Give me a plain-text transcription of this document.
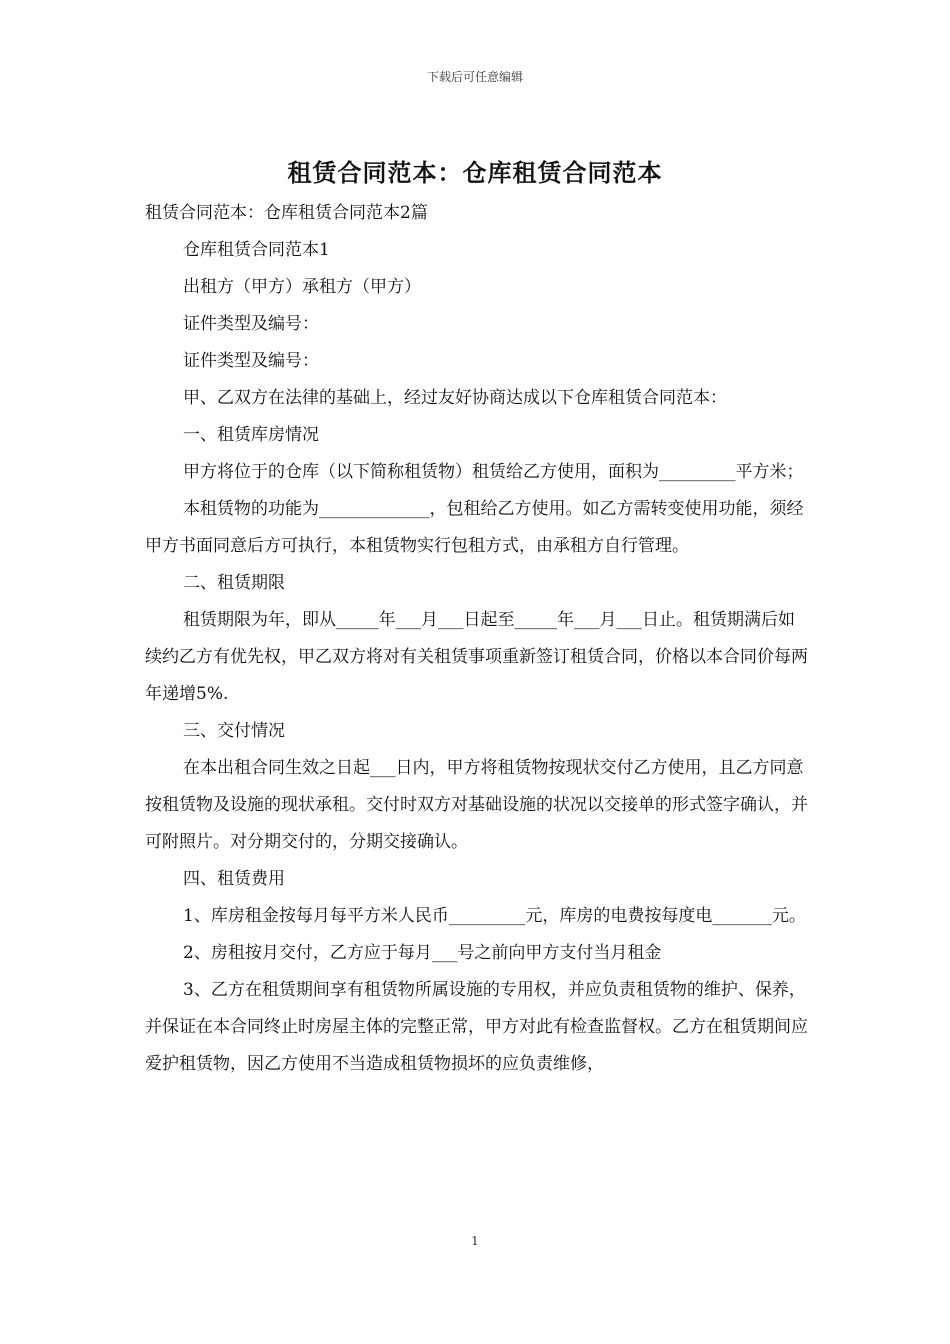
下载后可任意编辑
租赁合同范本：仓库租赁合同范本

租赁合同范本：仓库租赁合同范本2篇

仓库租赁合同范本1

出租方（甲方）承租方（甲方）

证件类型及编号：

证件类型及编号：

甲、乙双方在法律的基础上，经过友好协商达成以下仓库租赁合同范本：

一、租赁库房情况

甲方将位于的仓库（以下简称租赁物）租赁给乙方使用，面积为_________平方米；

本租赁物的功能为_____________，包租给乙方使用。如乙方需转变使用功能，须经甲方书面同意后方可执行，本租赁物实行包租方式，由承租方自行管理。

二、租赁期限

租赁期限为年，即从_____年___月___日起至_____年___月___日止。租赁期满后如续约乙方有优先权，甲乙双方将对有关租赁事项重新签订租赁合同，价格以本合同价每两年递增5%.

三、交付情况

在本出租合同生效之日起___日内，甲方将租赁物按现状交付乙方使用，且乙方同意按租赁物及设施的现状承租。交付时双方对基础设施的状况以交接单的形式签字确认，并可附照片。对分期交付的，分期交接确认。

四、租赁费用

1、库房租金按每月每平方米人民币_________元，库房的电费按每度电_______元。

2、房租按月交付，乙方应于每月___号之前向甲方支付当月租金

3、乙方在租赁期间享有租赁物所属设施的专用权，并应负责租赁物的维护、保养，并保证在本合同终止时房屋主体的完整正常，甲方对此有检查监督权。乙方在租赁期间应爱护租赁物，因乙方使用不当造成租赁物损坏的应负责维修，

1
